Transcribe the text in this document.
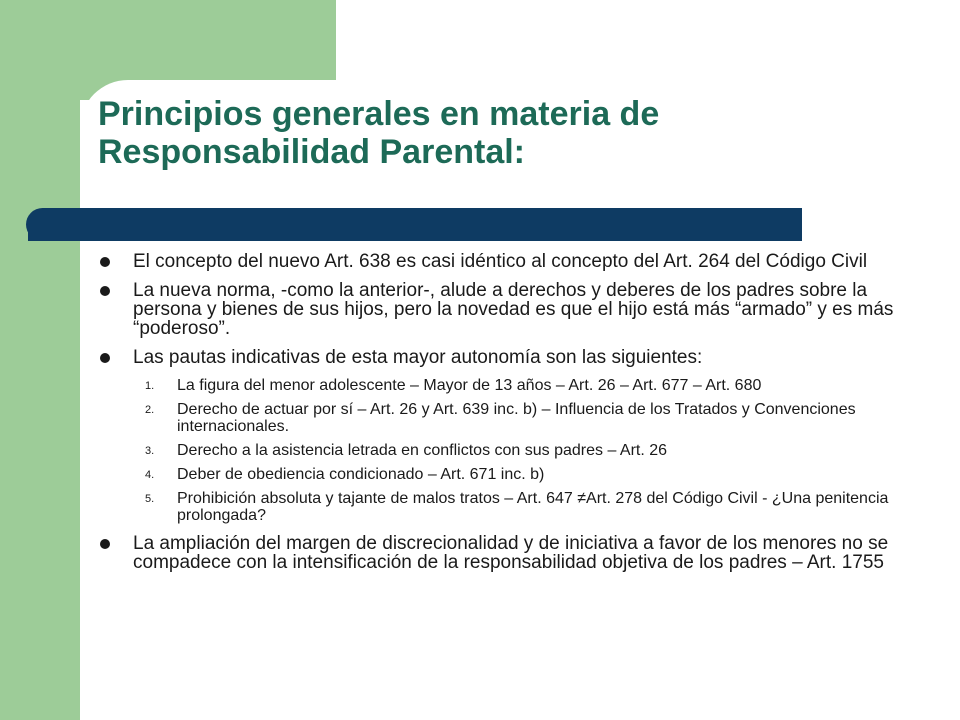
Principios generales en materia de
Responsabilidad Parental:
El concepto del nuevo Art. 638 es casi idéntico al concepto del Art. 264 del Código Civil
La nueva norma, -como la anterior-, alude a derechos y deberes de los padres sobre la persona y bienes de sus hijos, pero la novedad es que el hijo está más “armado” y es más “poderoso”.
Las pautas indicativas de esta mayor autonomía son las siguientes:
1. La figura del menor adolescente – Mayor de 13 años – Art. 26 – Art. 677 – Art. 680
2. Derecho de actuar por sí – Art. 26 y Art. 639 inc. b) – Influencia de los Tratados y Convenciones internacionales.
3. Derecho a la asistencia letrada en conflictos con sus padres – Art. 26
4. Deber de obediencia condicionado – Art. 671 inc. b)
5. Prohibición absoluta y tajante de malos tratos – Art. 647 ≠Art. 278 del Código Civil - ¿Una penitencia prolongada?
La ampliación del margen de discrecionalidad y de iniciativa a favor de los menores no se compadece con la intensificación de la responsabilidad objetiva de los padres – Art. 1755
